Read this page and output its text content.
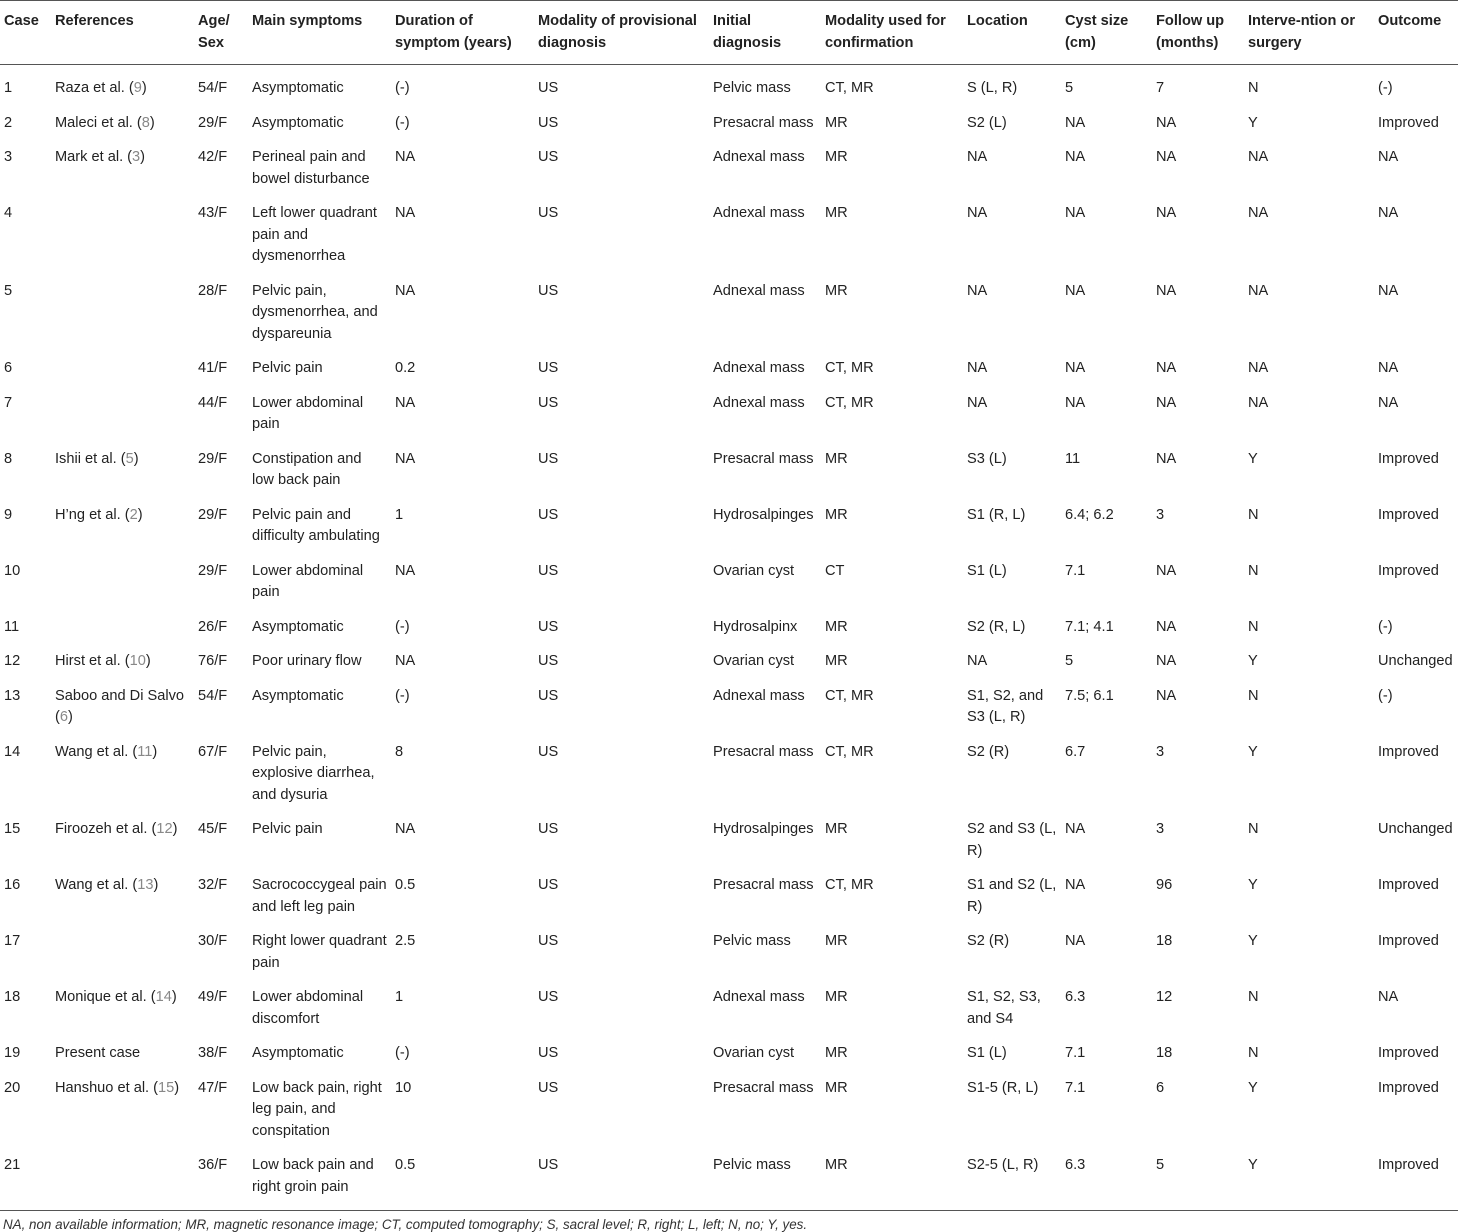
Case	References	Age/ Sex	Main symptoms	Duration of symptom (years)	Modality of provisional diagnosis	Initial diagnosis	Modality used for confirmation	Location	Cyst size (cm)	Follow up (months)	Interve-ntion or surgery	Outcome
1	Raza et al. (9)	54/F	Asymptomatic	(-)	US	Pelvic mass	CT, MR	S (L, R)	5	7	N	(-)
2	Maleci et al. (8)	29/F	Asymptomatic	(-)	US	Presacral mass	MR	S2 (L)	NA	NA	Y	Improved
3	Mark et al. (3)	42/F	Perineal pain and bowel disturbance	NA	US	Adnexal mass	MR	NA	NA	NA	NA	NA
4		43/F	Left lower quadrant pain and dysmenorrhea	NA	US	Adnexal mass	MR	NA	NA	NA	NA	NA
5		28/F	Pelvic pain, dysmenorrhea, and dyspareunia	NA	US	Adnexal mass	MR	NA	NA	NA	NA	NA
6		41/F	Pelvic pain	0.2	US	Adnexal mass	CT, MR	NA	NA	NA	NA	NA
7		44/F	Lower abdominal pain	NA	US	Adnexal mass	CT, MR	NA	NA	NA	NA	NA
8	Ishii et al. (5)	29/F	Constipation and low back pain	NA	US	Presacral mass	MR	S3 (L)	11	NA	Y	Improved
9	H’ng et al. (2)	29/F	Pelvic pain and difficulty ambulating	1	US	Hydrosalpinges	MR	S1 (R, L)	6.4; 6.2	3	N	Improved
10		29/F	Lower abdominal pain	NA	US	Ovarian cyst	CT	S1 (L)	7.1	NA	N	Improved
11		26/F	Asymptomatic	(-)	US	Hydrosalpinx	MR	S2 (R, L)	7.1; 4.1	NA	N	(-)
12	Hirst et al. (10)	76/F	Poor urinary flow	NA	US	Ovarian cyst	MR	NA	5	NA	Y	Unchanged
13	Saboo and Di Salvo (6)	54/F	Asymptomatic	(-)	US	Adnexal mass	CT, MR	S1, S2, and S3 (L, R)	7.5; 6.1	NA	N	(-)
14	Wang et al. (11)	67/F	Pelvic pain, explosive diarrhea, and dysuria	8	US	Presacral mass	CT, MR	S2 (R)	6.7	3	Y	Improved
15	Firoozeh et al. (12)	45/F	Pelvic pain	NA	US	Hydrosalpinges	MR	S2 and S3 (L, R)	NA	3	N	Unchanged
16	Wang et al. (13)	32/F	Sacrococcygeal pain and left leg pain	0.5	US	Presacral mass	CT, MR	S1 and S2 (L, R)	NA	96	Y	Improved
17		30/F	Right lower quadrant pain	2.5	US	Pelvic mass	MR	S2 (R)	NA	18	Y	Improved
18	Monique et al. (14)	49/F	Lower abdominal discomfort	1	US	Adnexal mass	MR	S1, S2, S3, and S4	6.3	12	N	NA
19	Present case	38/F	Asymptomatic	(-)	US	Ovarian cyst	MR	S1 (L)	7.1	18	N	Improved
20	Hanshuo et al. (15)	47/F	Low back pain, right leg pain, and conspitation	10	US	Presacral mass	MR	S1-5 (R, L)	7.1	6	Y	Improved
21		36/F	Low back pain and right groin pain	0.5	US	Pelvic mass	MR	S2-5 (L, R)	6.3	5	Y	Improved
NA, non available information; MR, magnetic resonance image; CT, computed tomography; S, sacral level; R, right; L, left; N, no; Y, yes.
